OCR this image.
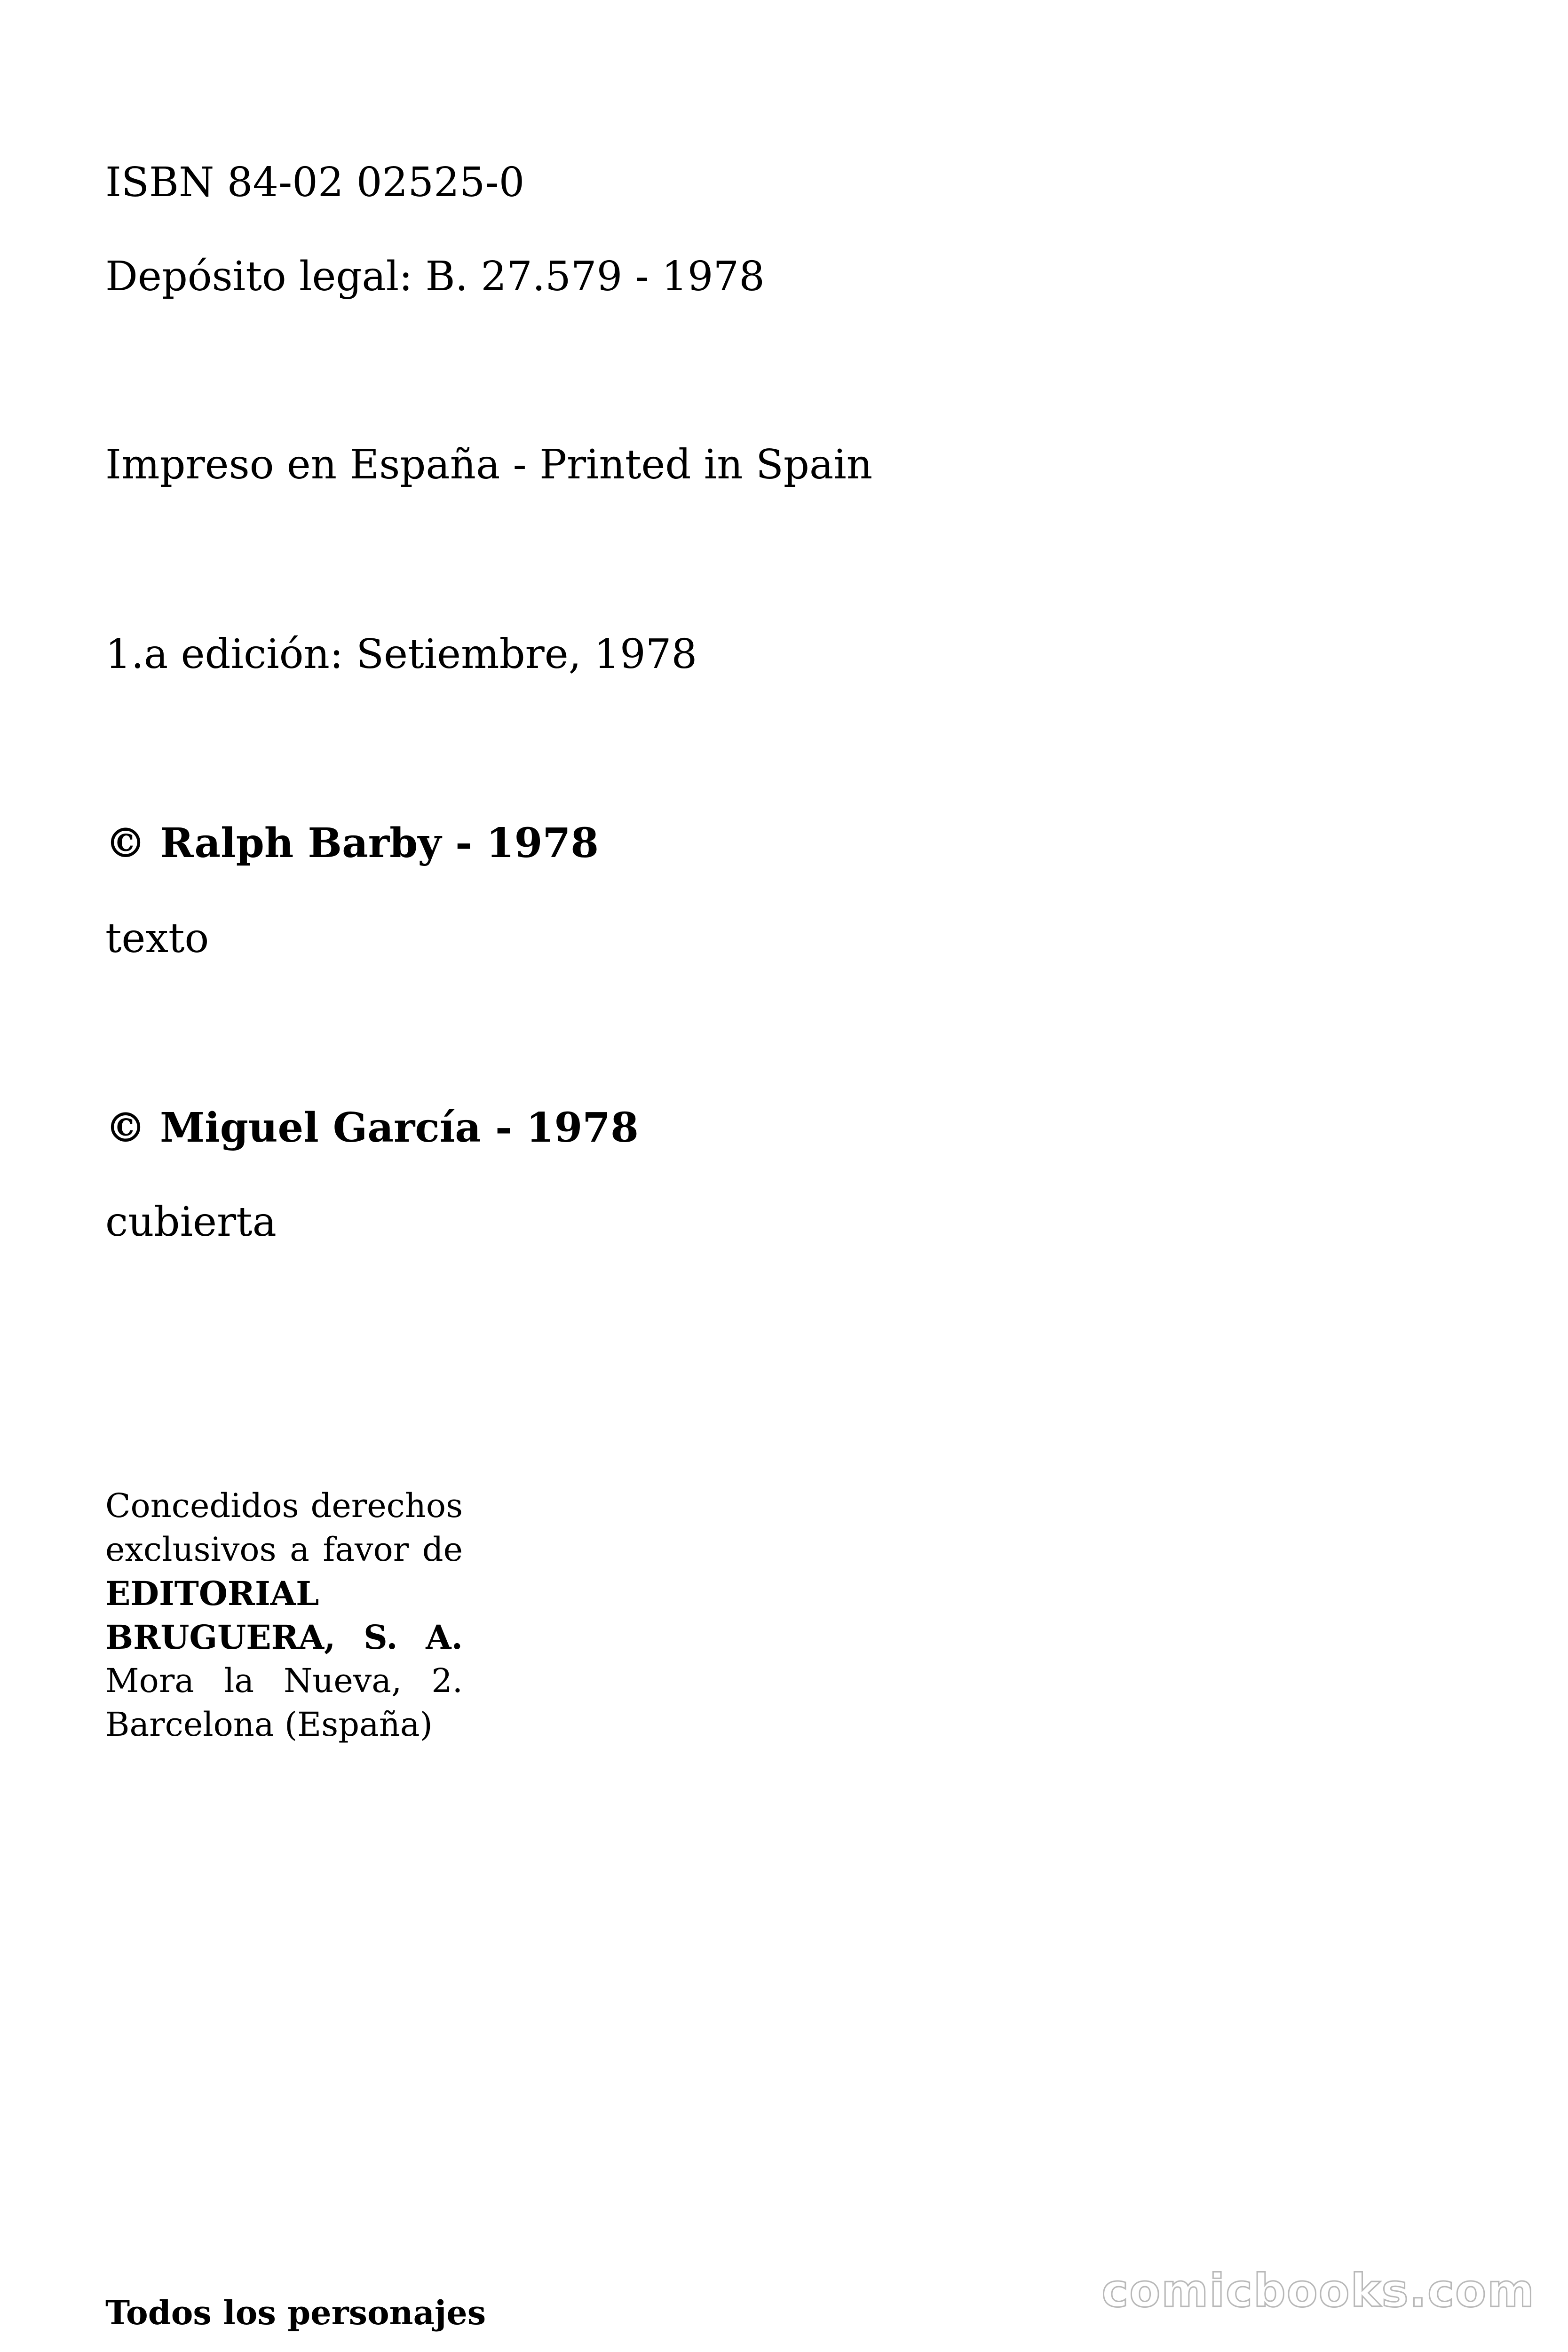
ISBN 84-02 02525-0

Depósito legal: B. 27.579 - 1978

Impreso en España - Printed in Spain

1.a edición: Setiembre, 1978

© Ralph Barby - 1978

texto

© Miguel García - 1978

cubierta

Concedidos derechos
exclusivos a favor de
EDITORIAL
BRUGUERA, S. A.
Mora la Nueva, 2.
Barcelona (España)

Todos los personajes	comicbooks.com
